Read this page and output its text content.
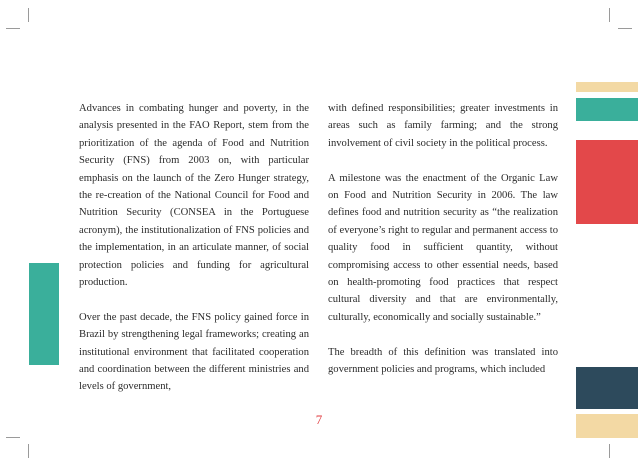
Advances in combating hunger and poverty, in the analysis presented in the FAO Report, stem from the prioritization of the agenda of Food and Nutrition Security (FNS) from 2003 on, with particular emphasis on the launch of the Zero Hunger strategy, the re-creation of the National Council for Food and Nutrition Security (CONSEA in the Portuguese acronym), the institutionalization of FNS policies and the implementation, in an articulate manner, of social protection policies and funding for agricultural production.

Over the past decade, the FNS policy gained force in Brazil by strengthening legal frameworks; creating an institutional environment that facilitated cooperation and coordination between the different ministries and levels of government,

with defined responsibilities; greater investments in areas such as family farming; and the strong involvement of civil society in the political process.

A milestone was the enactment of the Organic Law on Food and Nutrition Security in 2006. The law defines food and nutrition security as “the realization of everyone’s right to regular and permanent access to quality food in sufficient quantity, without compromising access to other essential needs, based on health-promoting food practices that respect cultural diversity and that are environmentally, culturally, economically and socially sustainable.”

The breadth of this definition was translated into government policies and programs, which included

7
